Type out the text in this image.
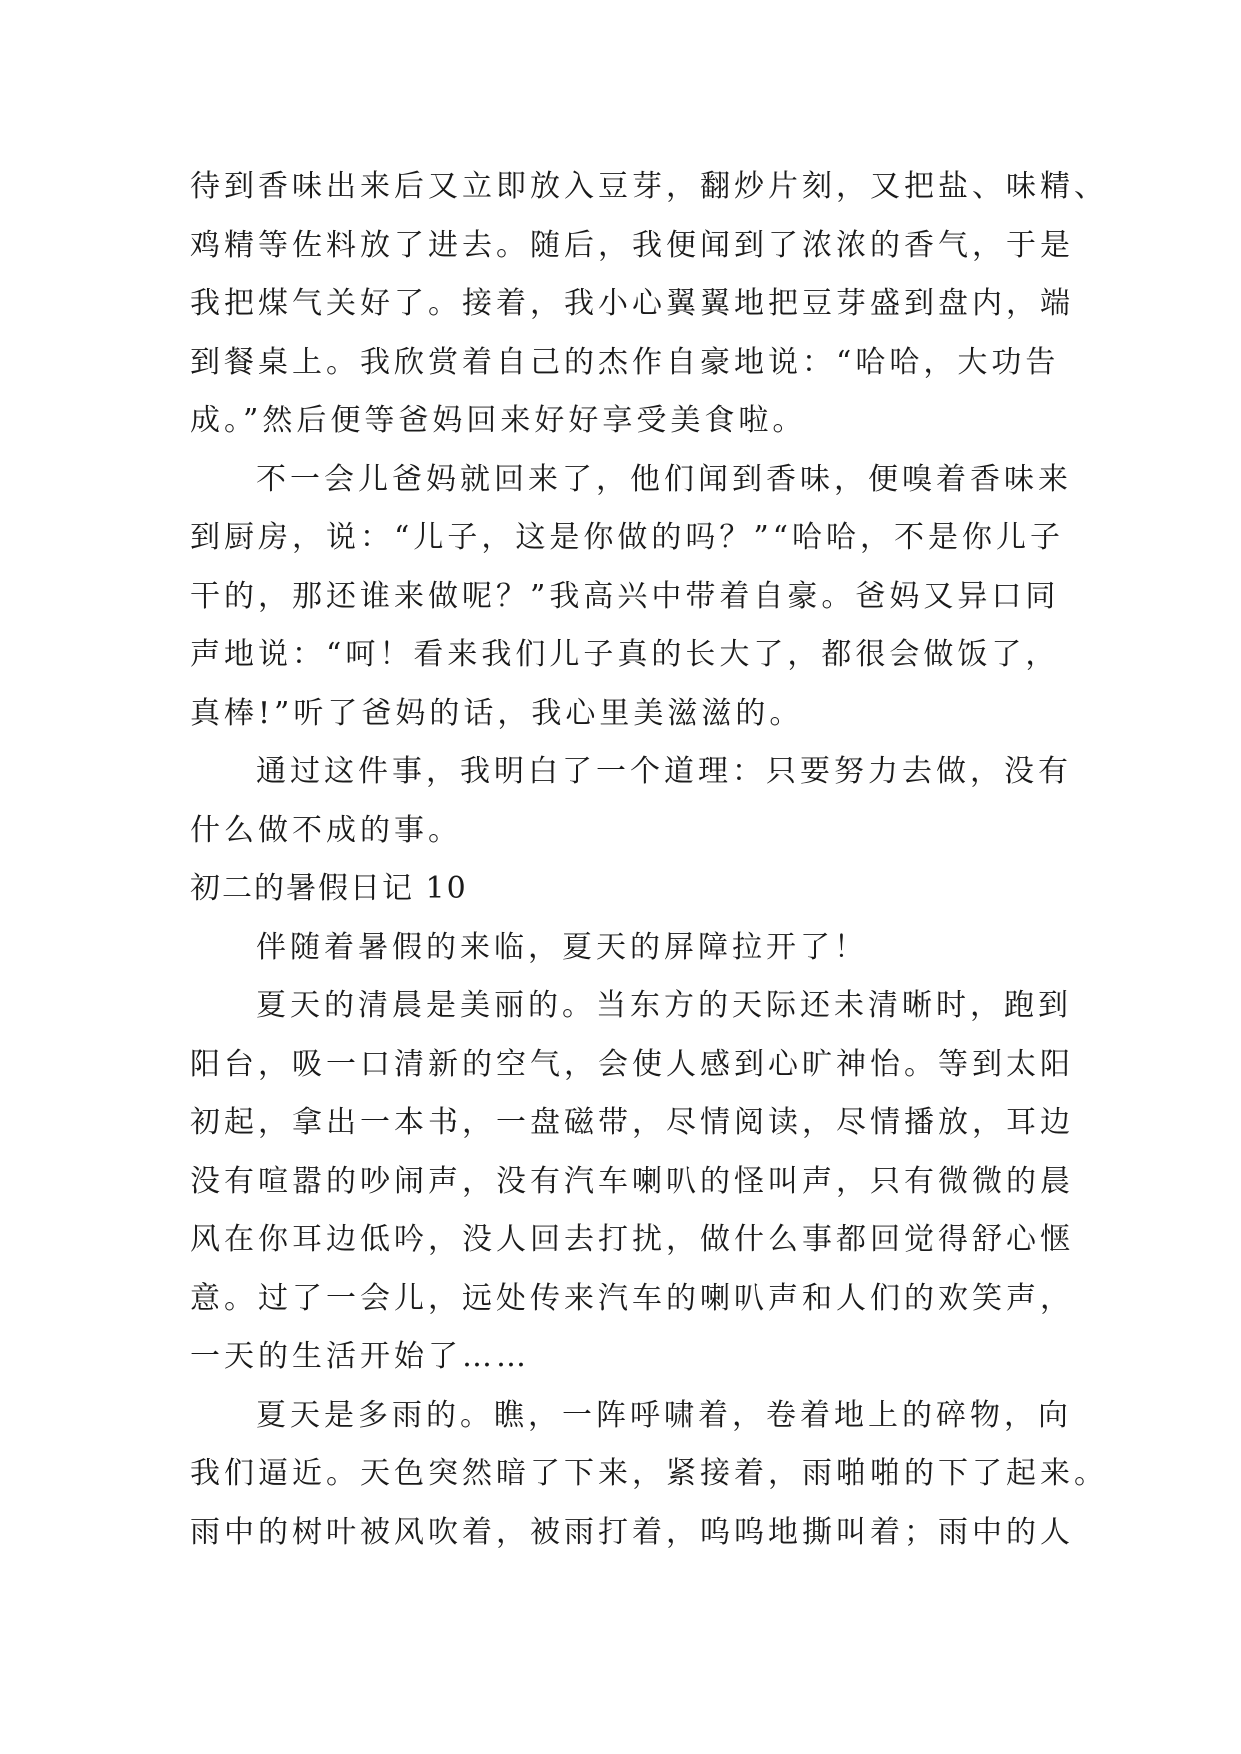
待到香味出来后又立即放入豆芽，翻炒片刻，又把盐、味精、
鸡精等佐料放了进去。随后，我便闻到了浓浓的香气，于是
我把煤气关好了。接着，我小心翼翼地把豆芽盛到盘内，端
到餐桌上。我欣赏着自己的杰作自豪地说：“哈哈，大功告
成。”然后便等爸妈回来好好享受美食啦。
不一会儿爸妈就回来了，他们闻到香味，便嗅着香味来
到厨房，说：“儿子，这是你做的吗？”“哈哈，不是你儿子
干的，那还谁来做呢？”我高兴中带着自豪。爸妈又异口同
声地说：“呵！看来我们儿子真的长大了，都很会做饭了，
真棒!”听了爸妈的话，我心里美滋滋的。
通过这件事，我明白了一个道理：只要努力去做，没有
什么做不成的事。
初二的暑假日记 10
伴随着暑假的来临，夏天的屏障拉开了！
夏天的清晨是美丽的。当东方的天际还未清晰时，跑到
阳台，吸一口清新的空气，会使人感到心旷神怡。等到太阳
初起，拿出一本书，一盘磁带，尽情阅读，尽情播放，耳边
没有喧嚣的吵闹声，没有汽车喇叭的怪叫声，只有微微的晨
风在你耳边低吟，没人回去打扰，做什么事都回觉得舒心惬
意。过了一会儿，远处传来汽车的喇叭声和人们的欢笑声，
一天的生活开始了……
夏天是多雨的。瞧，一阵呼啸着，卷着地上的碎物，向
我们逼近。天色突然暗了下来，紧接着，雨啪啪的下了起来。
雨中的树叶被风吹着，被雨打着，呜呜地撕叫着；雨中的人
